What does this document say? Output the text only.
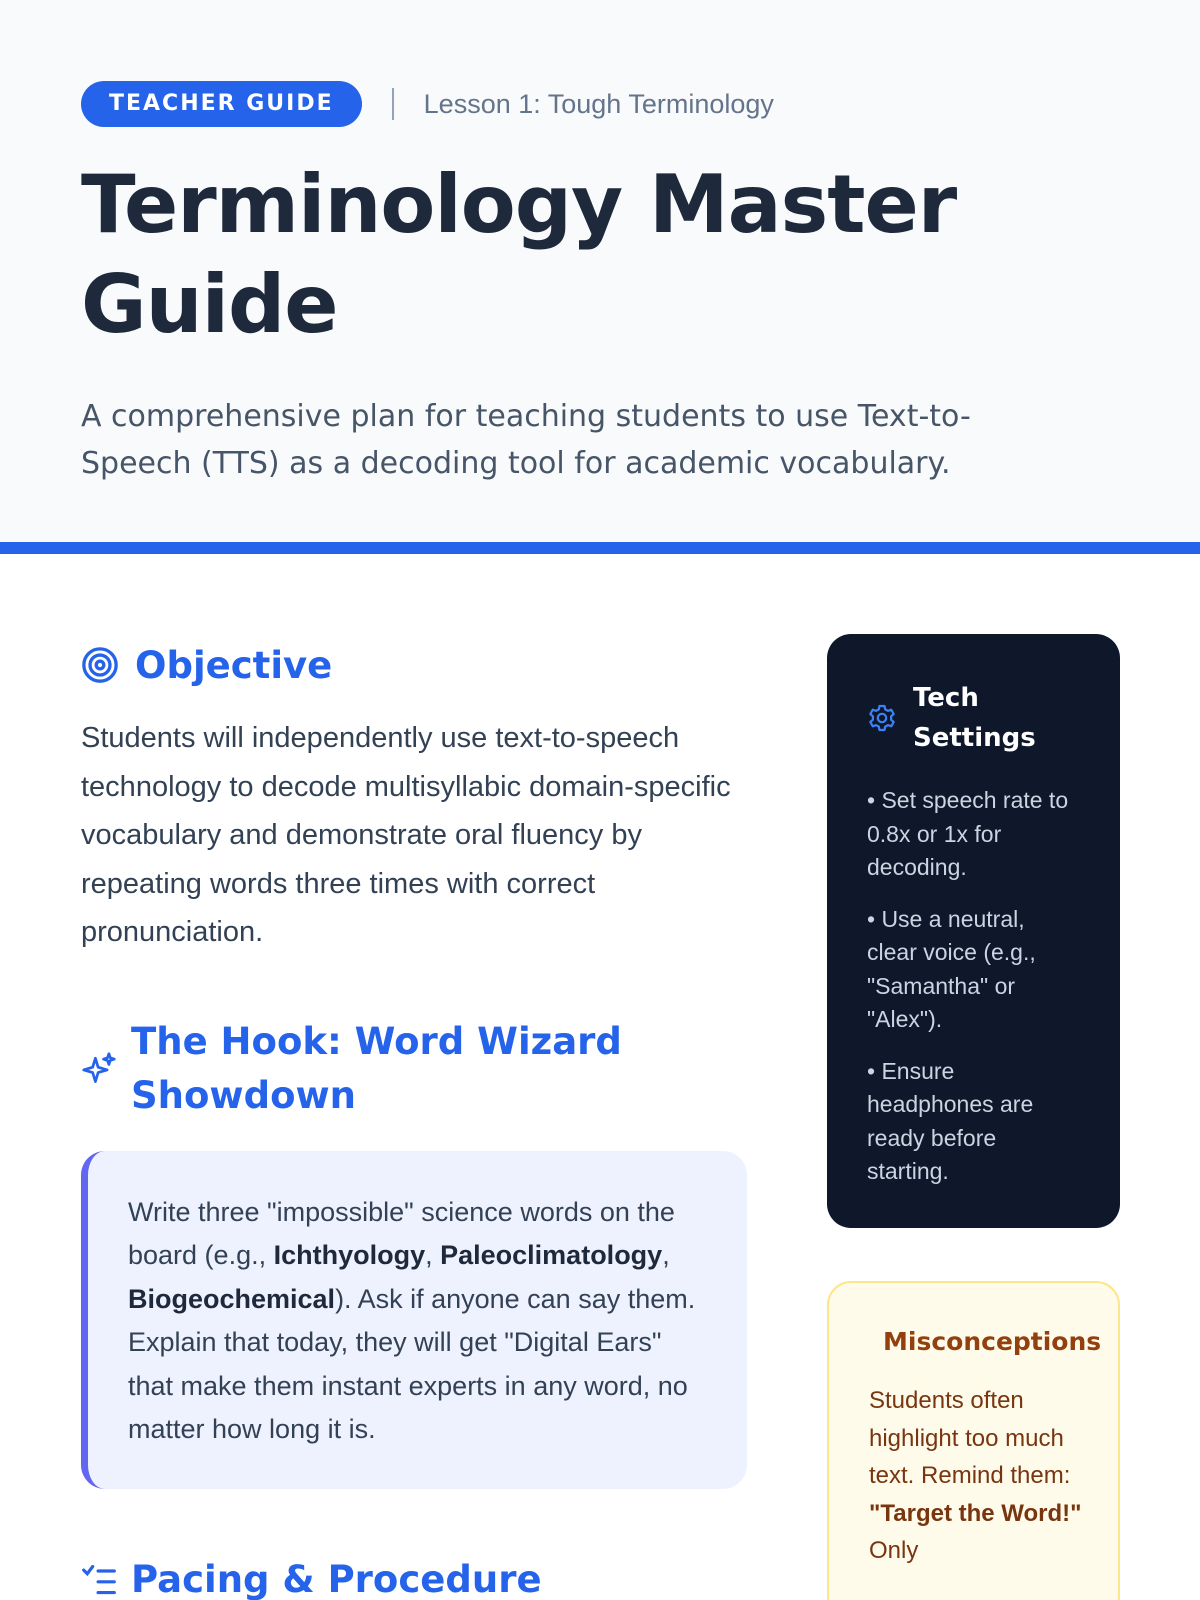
TEACHER GUIDE	Lesson 1: Tough Terminology
Terminology Master
Guide

A comprehensive plan for teaching students to use Text-to-Speech (TTS) as a decoding tool for academic vocabulary.

Objective

Students will independently use text-to-speech technology to decode multisyllabic domain-specific vocabulary and demonstrate oral fluency by repeating words three times with correct pronunciation.

The Hook: Word Wizard
Showdown
Write three "impossible" science words on the board (e.g., Ichthyology, Paleoclimatology, Biogeochemical). Ask if anyone can say them. Explain that today, they will get "Digital Ears" that make them instant experts in any word, no matter how long it is.
Pacing & Procedure
Tech
Settings
• Set speech rate to 0.8x or 1x for decoding.
• Use a neutral, clear voice (e.g., "Samantha" or "Alex").
• Ensure headphones are ready before starting.
Misconceptions

Students often highlight too much text. Remind them: "Target the Word!" Only
